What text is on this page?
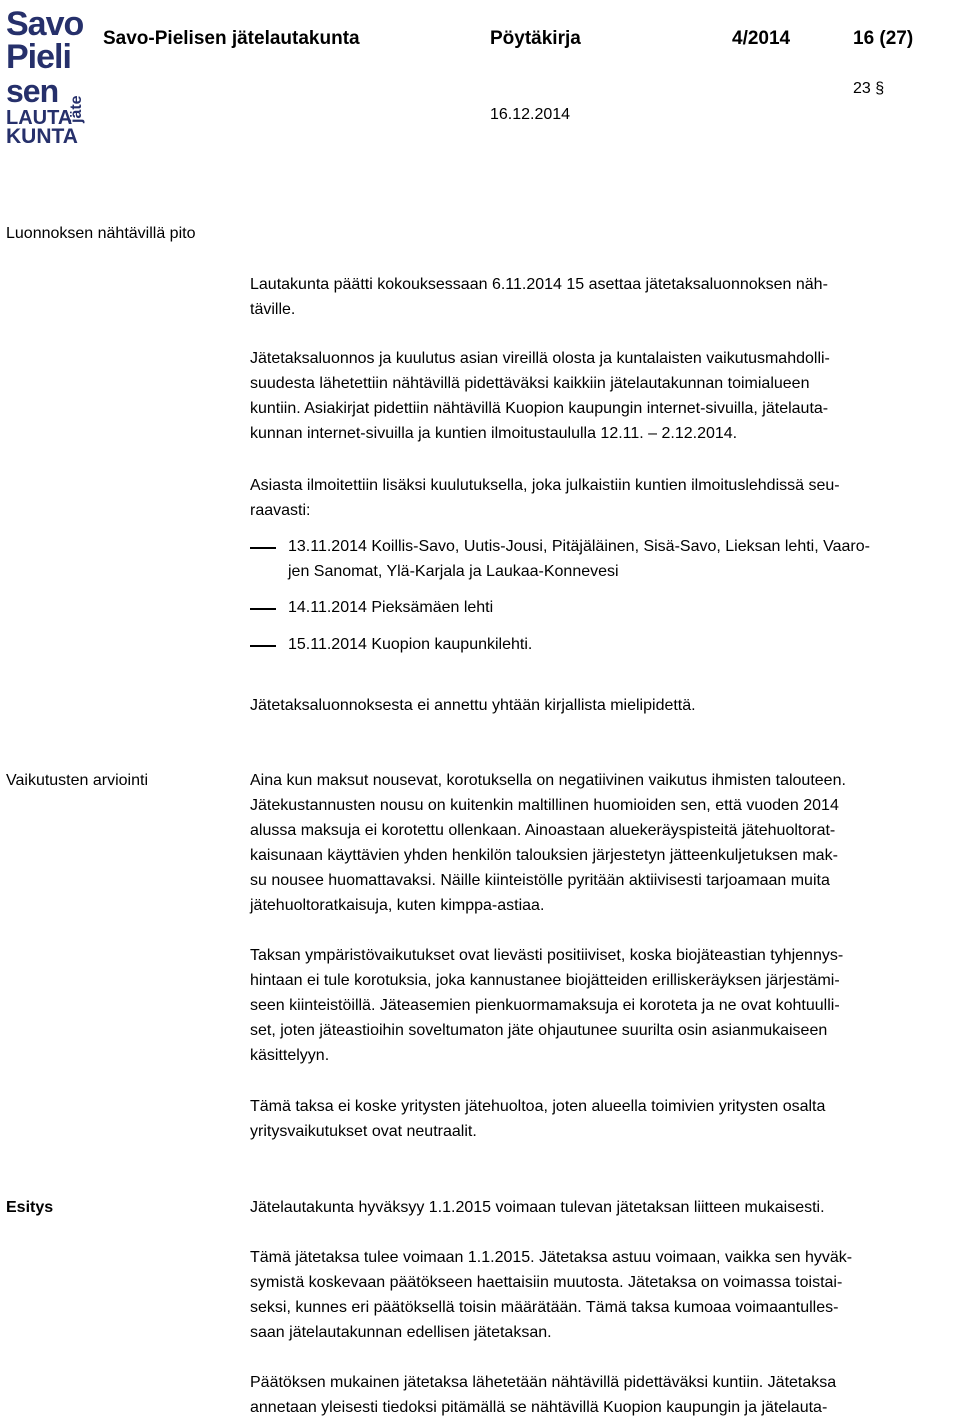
Savo
Pieli
sen
jäte
LAUTA
KUNTA
Savo-Pielisen jätelautakunta	Pöytäkirja	4/2014	16 (27)
23 §
16.12.2014
Luonnoksen nähtävillä pito
Lautakunta päätti kokouksessaan 6.11.2014 15 asettaa jätetaksaluonnoksen näh-
täville.
Jätetaksaluonnos ja kuulutus asian vireillä olosta ja kuntalaisten vaikutusmahdolli-
suudesta lähetettiin nähtävillä pidettäväksi kaikkiin jätelautakunnan toimialueen
kuntiin. Asiakirjat pidettiin nähtävillä Kuopion kaupungin internet-sivuilla, jätelauta-
kunnan internet-sivuilla ja kuntien ilmoitustaululla 12.11. – 2.12.2014.
Asiasta ilmoitettiin lisäksi kuulutuksella, joka julkaistiin kuntien ilmoituslehdissä seu-
raavasti:
13.11.2014 Koillis-Savo, Uutis-Jousi, Pitäjäläinen, Sisä-Savo, Lieksan lehti, Vaaro-
jen Sanomat, Ylä-Karjala ja Laukaa-Konnevesi
14.11.2014 Pieksämäen lehti
15.11.2014 Kuopion kaupunkilehti.
Jätetaksaluonnoksesta ei annettu yhtään kirjallista mielipidettä.
Vaikutusten arviointi	Aina kun maksut nousevat, korotuksella on negatiivinen vaikutus ihmisten talouteen.
Jätekustannusten nousu on kuitenkin maltillinen huomioiden sen, että vuoden 2014
alussa maksuja ei korotettu ollenkaan. Ainoastaan aluekeräyspisteitä jätehuoltorat-
kaisunaan käyttävien yhden henkilön talouksien järjestetyn jätteenkuljetuksen mak-
su nousee huomattavaksi. Näille kiinteistölle pyritään aktiivisesti tarjoamaan muita
jätehuoltoratkaisuja, kuten kimppa-astiaa.
Taksan ympäristövaikutukset ovat lievästi positiiviset, koska biojäteastian tyhjennys-
hintaan ei tule korotuksia, joka kannustanee biojätteiden erilliskeräyksen järjestämi-
seen kiinteistöillä. Jäteasemien pienkuormamaksuja ei koroteta ja ne ovat kohtuulli-
set, joten jäteastioihin soveltumaton jäte ohjautunee suurilta osin asianmukaiseen
käsittelyyn.
Tämä taksa ei koske yritysten jätehuoltoa, joten alueella toimivien yritysten osalta
yritysvaikutukset ovat neutraalit.
Esitys	Jätelautakunta hyväksyy 1.1.2015 voimaan tulevan jätetaksan liitteen mukaisesti.
Tämä jätetaksa tulee voimaan 1.1.2015. Jätetaksa astuu voimaan, vaikka sen hyväk-
symistä koskevaan päätökseen haettaisiin muutosta. Jätetaksa on voimassa toistai-
seksi, kunnes eri päätöksellä toisin määrätään. Tämä taksa kumoaa voimaantulles-
saan jätelautakunnan edellisen jätetaksan.
Päätöksen mukainen jätetaksa lähetetään nähtävillä pidettäväksi kuntiin. Jätetaksa
annetaan yleisesti tiedoksi pitämällä se nähtävillä Kuopion kaupungin ja jätelauta-
